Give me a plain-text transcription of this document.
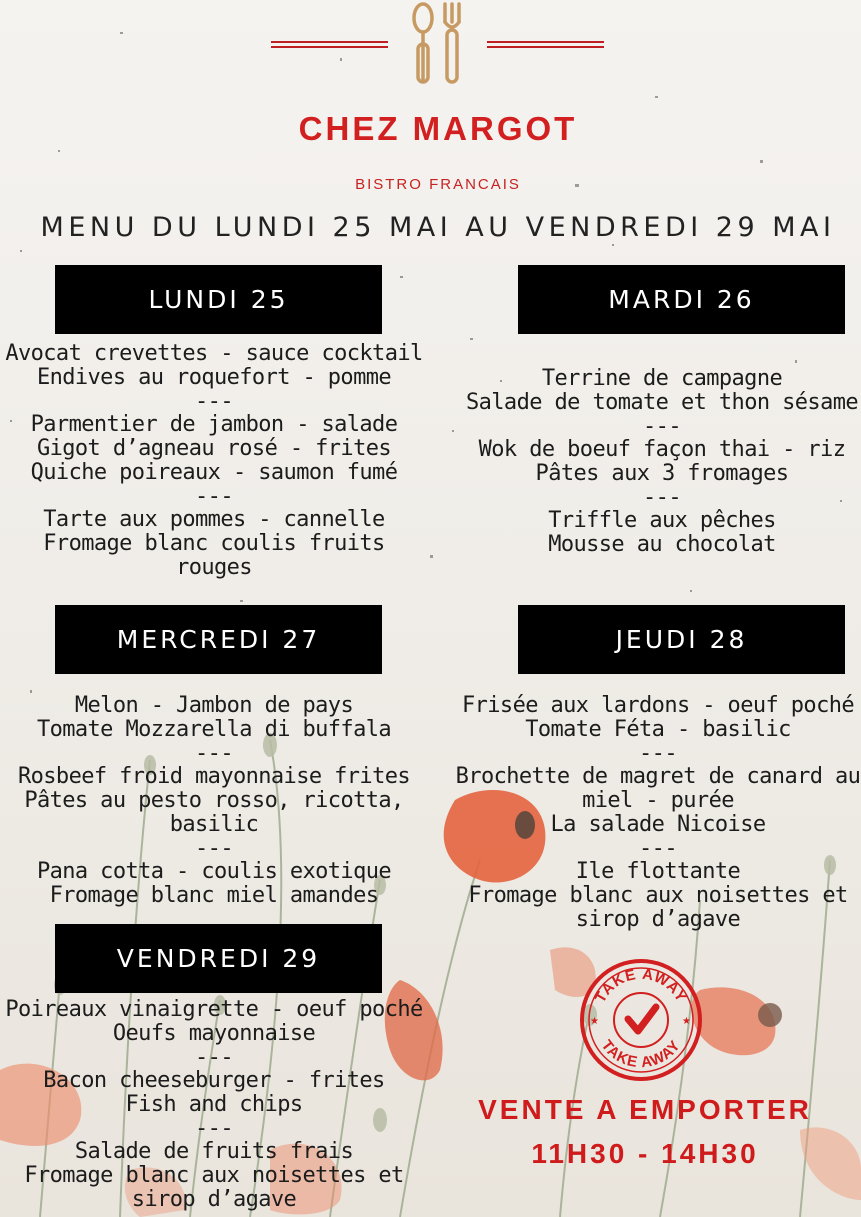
CHEZ MARGOT
BISTRO FRANCAIS
MENU DU LUNDI 25 MAI AU VENDREDI 29 MAI
LUNDI 25
Avocat crevettes - sauce cocktail
Endives au roquefort - pomme
---
Parmentier de jambon - salade
Gigot d’agneau rosé - frites
Quiche poireaux - saumon fumé
---
Tarte aux pommes - cannelle
Fromage blanc coulis fruits
rouges
MARDI 26
Terrine de campagne
Salade de tomate et thon sésame
---
Wok de boeuf façon thai - riz
Pâtes aux 3 fromages
---
Triffle aux pêches
Mousse au chocolat
MERCREDI 27
Melon - Jambon de pays
Tomate Mozzarella di buffala
---
Rosbeef froid mayonnaise frites
Pâtes au pesto rosso, ricotta,
basilic
---
Pana cotta - coulis exotique
Fromage blanc miel amandes
JEUDI 28
Frisée aux lardons - oeuf poché
Tomate Féta - basilic
---
Brochette de magret de canard au
miel - purée
La salade Nicoise
---
Ile flottante
Fromage blanc aux noisettes et
sirop d’agave
VENDREDI 29
Poireaux vinaigrette - oeuf poché
Oeufs mayonnaise
---
Bacon cheeseburger - frites
Fish and chips
---
Salade de fruits frais
Fromage blanc aux noisettes et
sirop d’agave
TAKE AWAY
TAKE AWAY
★	★
VENTE A EMPORTER
11H30 - 14H30
